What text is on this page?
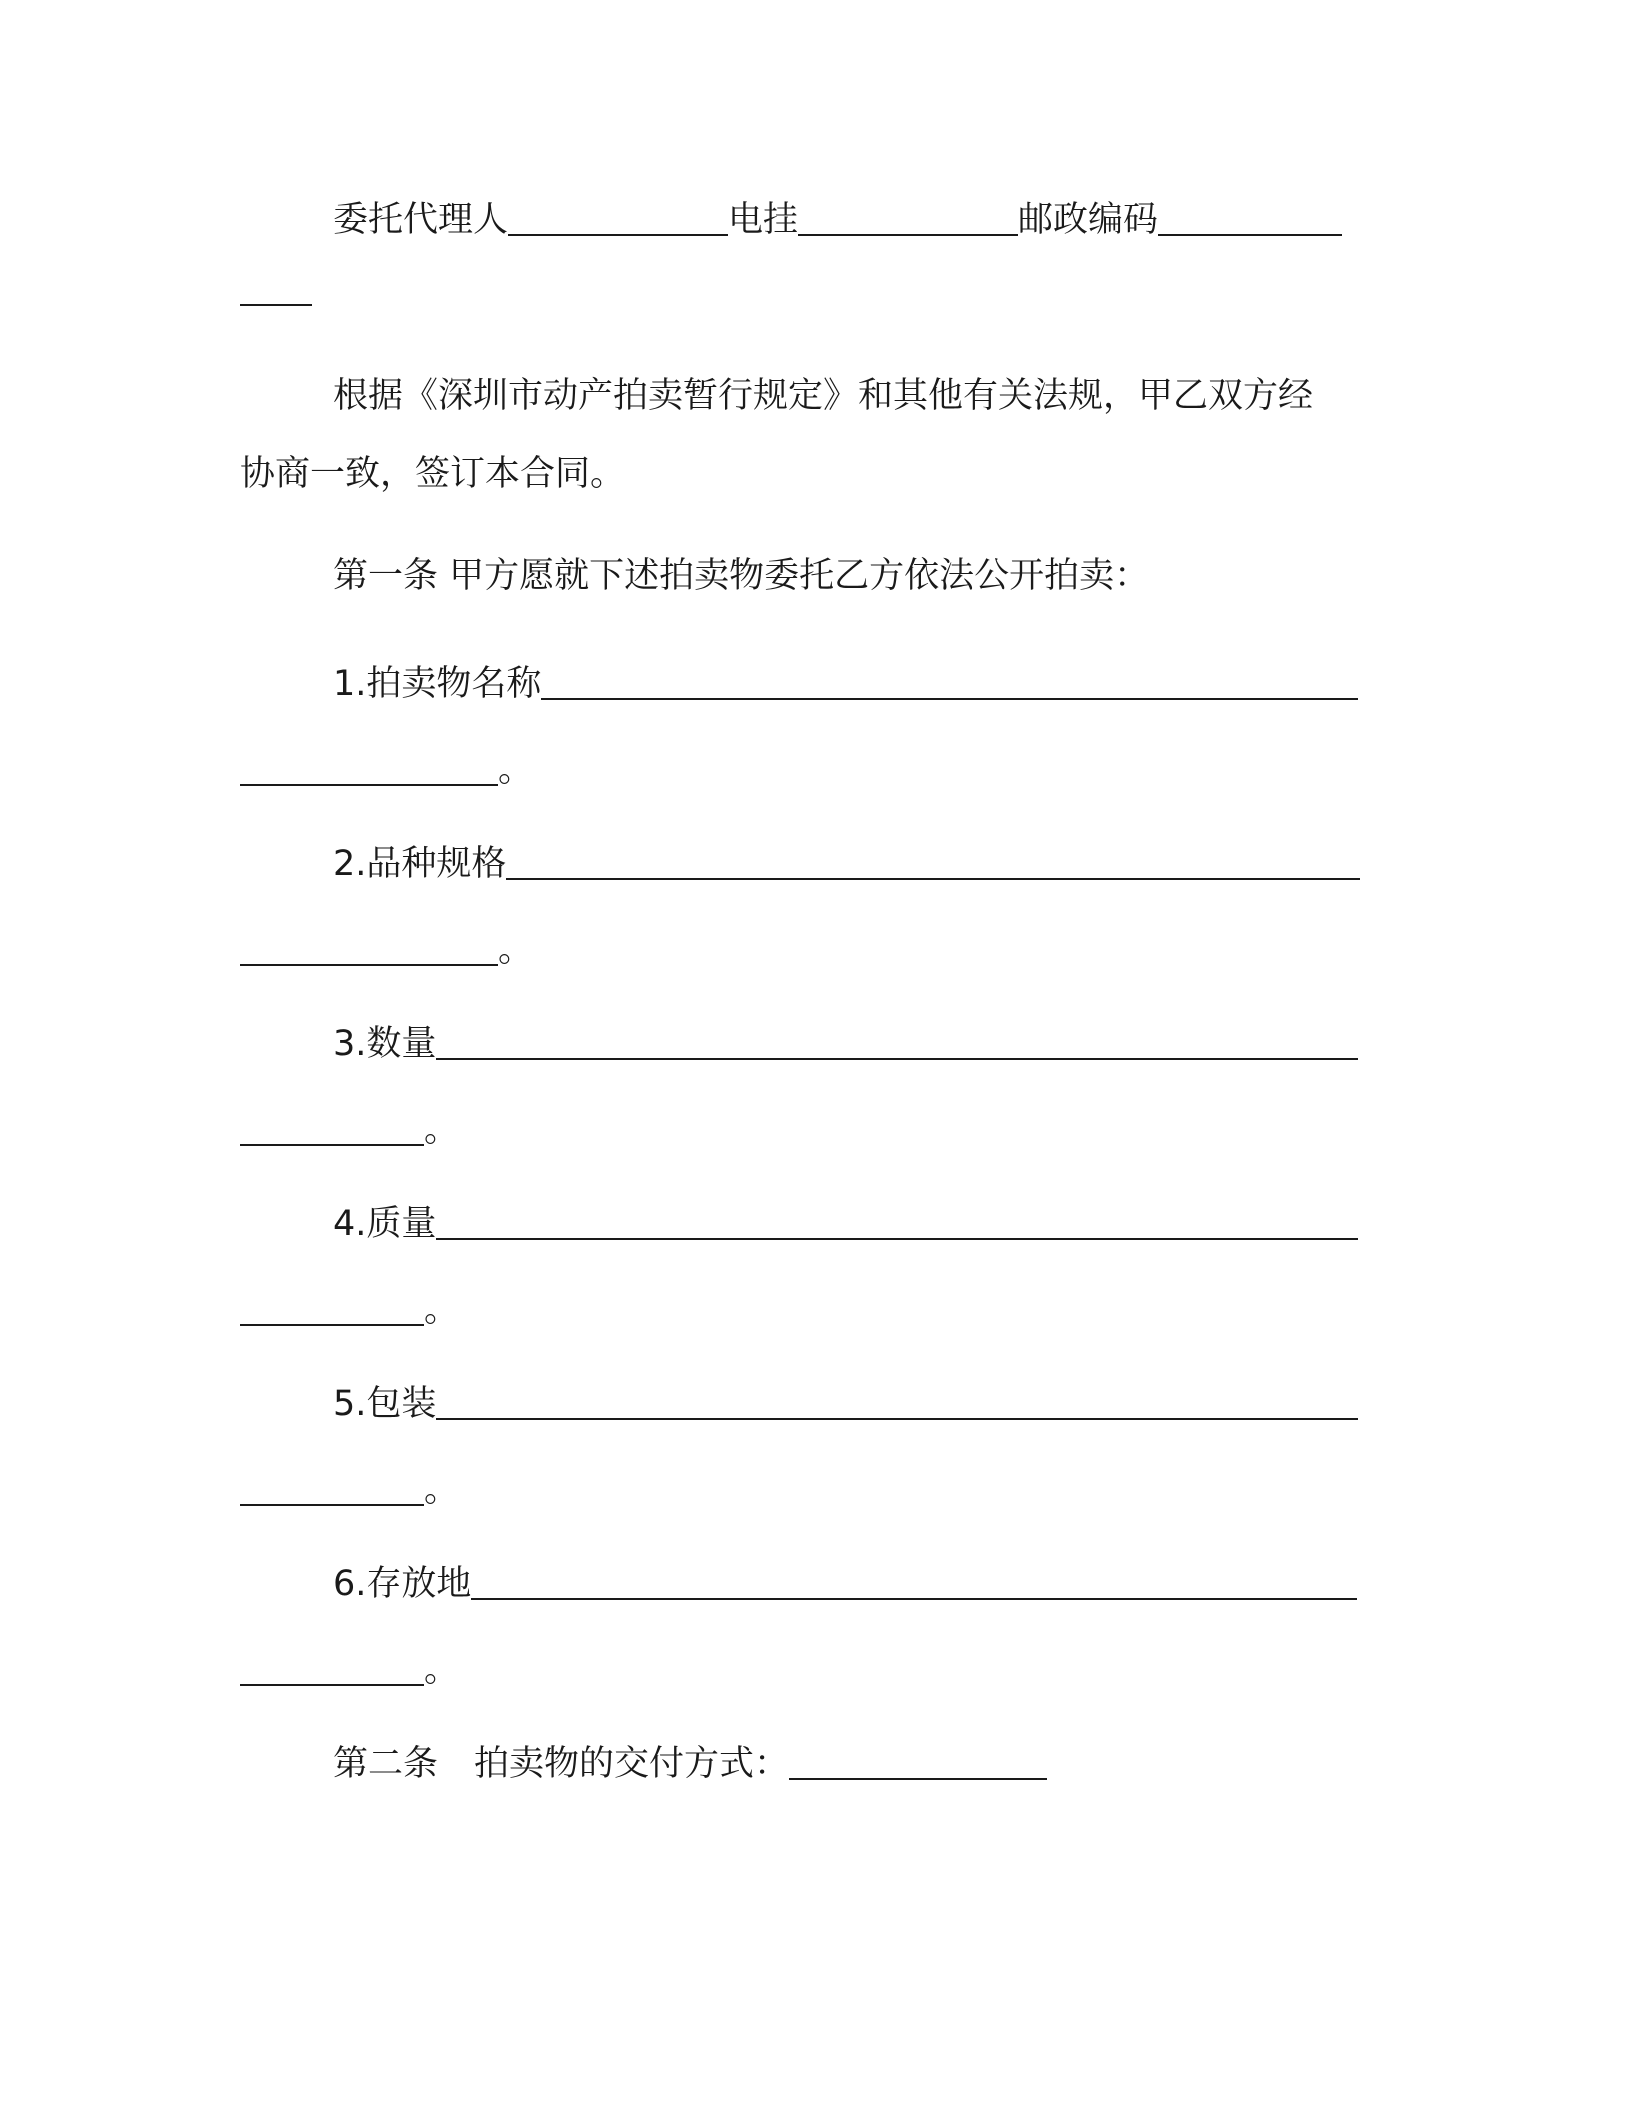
委托代理人	电挂	邮政编码
根据《深圳市动产拍卖暂行规定》和其他有关法规，甲乙双方经
协商一致，签订本合同。
第一条 甲方愿就下述拍卖物委托乙方依法公开拍卖：
1.拍卖物名称
。
2.品种规格
。
3.数量
。
4.质量
。
5.包装
。
6.存放地
。
第二条 拍卖物的交付方式：
